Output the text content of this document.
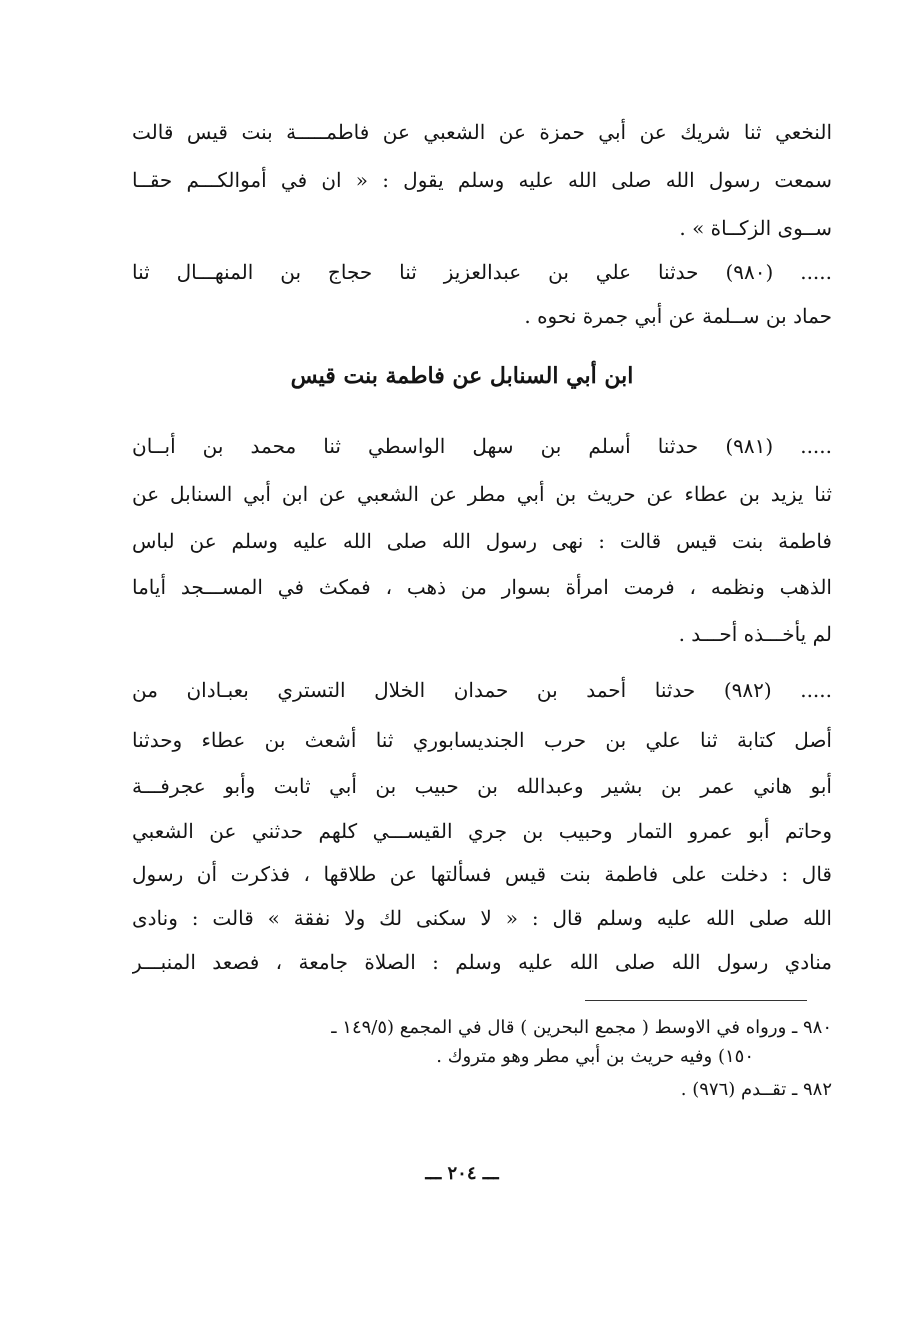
النخعي ثنا شريك عن أبي حمزة عن الشعبي عن فاطمـــــة بنت قيس قالت
سمعت رسول الله صلى الله عليه وسلم يقول : « ان في أموالكـــم حقــا
ســوى الزكــاة » .
..... (٩٨٠) حدثنا علي بن عبدالعزيز ثنا حجاج بن المنهـــال ثنا
حماد بن ســلمة عن أبي جمرة نحوه .
ابن أبي السنابل عن فاطمة بنت قيس
..... (٩٨١) حدثنا أسلم بن سهل الواسطي ثنا محمد بن أبــان
ثنا يزيد بن عطاء عن حريث بن أبي مطر عن الشعبي عن ابن أبي السنابل عن
فاطمة بنت قيس قالت : نهى رسول الله صلى الله عليه وسلم عن لباس
الذهب ونظمه ، فرمت امرأة بسوار من ذهب ، فمكث في المســـجد أياما
لم يأخـــذه أحـــد .
..... (٩٨٢) حدثنا أحمد بن حمدان الخلال التستري بعبـادان من
أصل كتابة ثنا علي بن حرب الجنديسابوري ثنا أشعث بن عطاء وحدثنا
أبو هاني عمر بن بشير وعبدالله بن حبيب بن أبي ثابت وأبو عجرفـــة
وحاتم أبو عمرو التمار وحبيب بن جري القيســـي كلهم حدثني عن الشعبي
قال : دخلت على فاطمة بنت قيس فسألتها عن طلاقها ، فذكرت أن رسول
الله صلى الله عليه وسلم قال : « لا سكنى لك ولا نفقة » قالت : ونادى
منادي رسول الله صلى الله عليه وسلم : الصلاة جامعة ، فصعد المنبـــر
٩٨٠ ـ ورواه في الاوسط ( مجمع البحرين ) قال في المجمع (١٤٩/٥ ـ
١٥٠) وفيه حريث بن أبي مطر وهو متروك .
٩٨٢ ـ تقــدم (٩٧٦) .
ـــ ٢٠٤ ـــ
